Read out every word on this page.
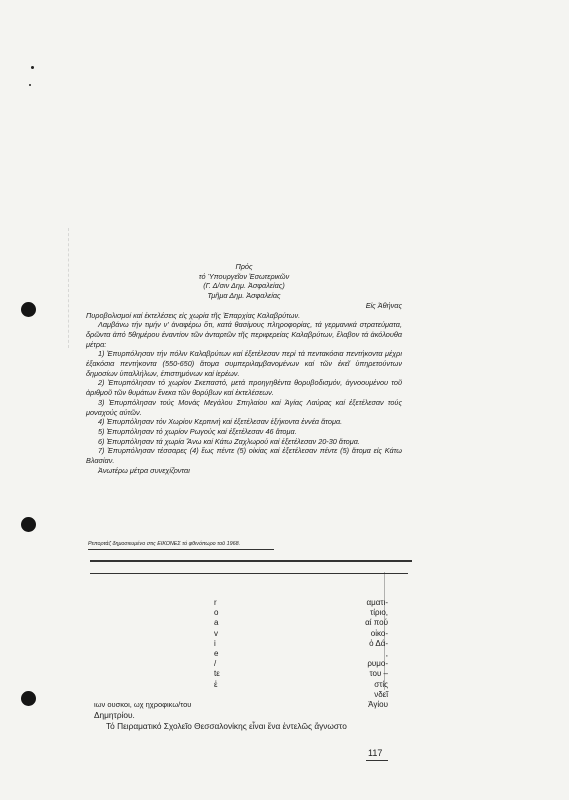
Πρός

τό Ύπουργεῖον Ἐσωτερικῶν

(Γ. Δ/σιν Δημ. Ἀσφαλείας)

Τμῆμα Δημ. Ἀσφαλείας

Εἰς Ἀθήνας

Πυροβολισμοί καί ἐκτελέσεις εἰς χωρία τῆς Ἐπαρχίας Καλαβρύτων.

Λαμβάνω τήν τιμήν ν' ἀναφέρω ὅτι, κατά θασίμους πληροφορίας, τά γερμανικά στρατεύματα, δρῶντα ἀπό 5θημέρου ἐναντίον τῶν ἀνταρτῶν τῆς περιφερείας Καλαβρύτων, ἔλαβον τά ἀκόλουθα μέτρα:

1) Ἐπυρπόλησαν τήν πόλιν Καλαβρύτων καί ἐξετέλεσαν περί τά πεντακόσια πεντήκοντα μέχρι ἑξακόσια πεντήκοντα (550-650) ἄτομα συμπεριλαμβανομένων καί τῶν ἐκεῖ ὑπηρετούντων δημοσίων ὑπαλλήλων, ἐπιστημόνων καί ἱερέων.

2) Ἐπυρπόλησαν τό χωρίον Σκεπαστό, μετά προηγηθέντα θορυβοδισμόν, ἀγνοουμένου τοῦ ἀριθμοῦ τῶν θυμάτων ἕνεκα τῶν θορύβων καί ἐκτελέσεων.

3) Ἐπυρπόλησαν τούς Μονάς Μεγάλου Σπηλαίου καί Ἁγίας Λαύρας καί ἐξετέλεσαν τούς μοναχούς αὐτῶν.

4) Ἐπυρπόλησαν τόν Χωρίον Κερπινή καί ἐξετέλεσαν ἑξήκοντα ἐννέα ἄτομα.

5) Ἐπυρπόλησαν τό χωρίον Ρωγούς καί ἐξετέλεσαν 46 ἄτομα.

6) Ἐπυρπόλησαν τά χωρία Ἄνω καί Κάτω Ζαχλωρού καί ἐξετέλεσαν 20-30 ἄτομα.

7) Ἐπυρπόλησαν τέσσαρες (4) ἕως πέντε (5) οἰκίας καί ἐξετέλεσαν πέντε (5) ἄτομα εἰς Κάτω Βλασίαν.

Ἀνωτέρω μέτρα συνεχίζονται

Ρεπορτάζ δημοσιευμένο στις ΕΙΚΟΝΕΣ τό φθινόπωρο τοῦ 1968.
r
o
a
v
i
e
/
tε
ἐ
αματι-
τίριο,
αί πού
οἰκο-
ὁ Δά-
,
ρυμο-
του –
στίς
νδεῖ
Ἁγίου
ιων ουσκοι, ωχ ηχροφικω/του
Δημητρίου.
Τό Πειραματικό Σχολεῖο Θεσσαλονίκης εἶναι ἕνα ἐντελῶς ἄγνωστο
117
